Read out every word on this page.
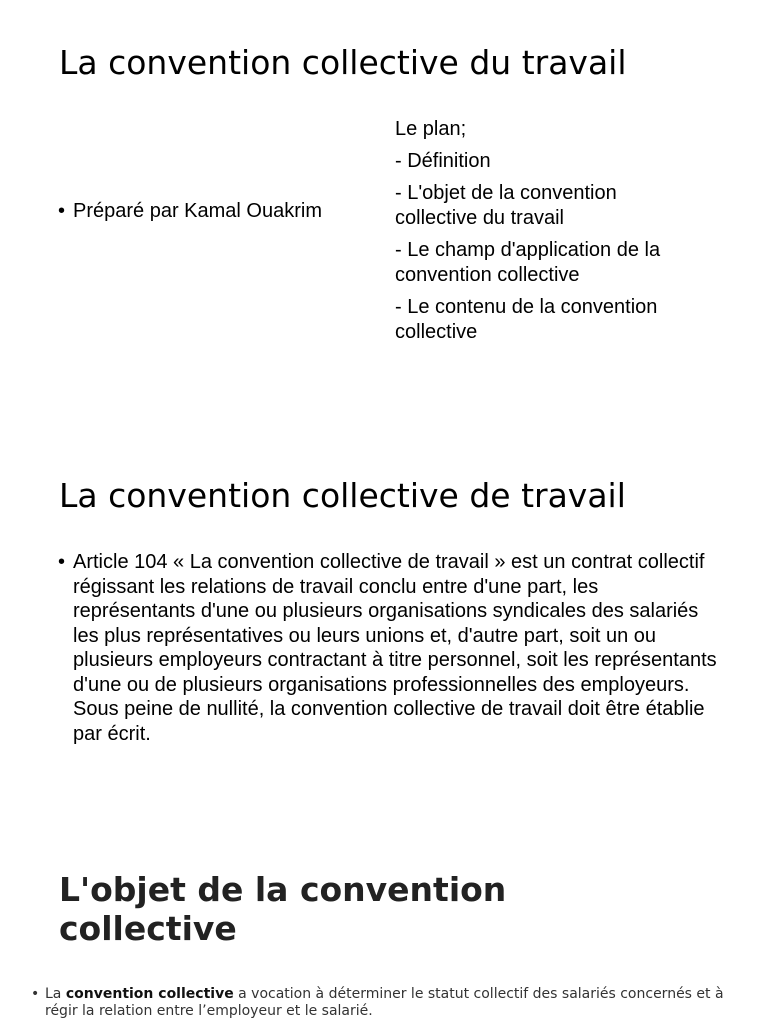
La convention collective du travail
• Préparé par Kamal Ouakrim
Le plan;
- Définition
- L'objet de la convention collective du travail
- Le champ d'application de la convention collective
- Le contenu de la convention collective
La convention collective de travail
• Article 104 « La convention collective de travail » est un contrat collectif régissant les relations de travail conclu entre d'une part, les représentants d'une ou plusieurs organisations syndicales des salariés les plus représentatives ou leurs unions et, d'autre part, soit un ou plusieurs employeurs contractant à titre personnel, soit les représentants d'une ou de plusieurs organisations professionnelles des employeurs. Sous peine de nullité, la convention collective de travail doit être établie par écrit.
L'objet de la convention collective
• La convention collective a vocation à déterminer le statut collectif des salariés concernés et à régir la relation entre l’employeur et le salarié.
